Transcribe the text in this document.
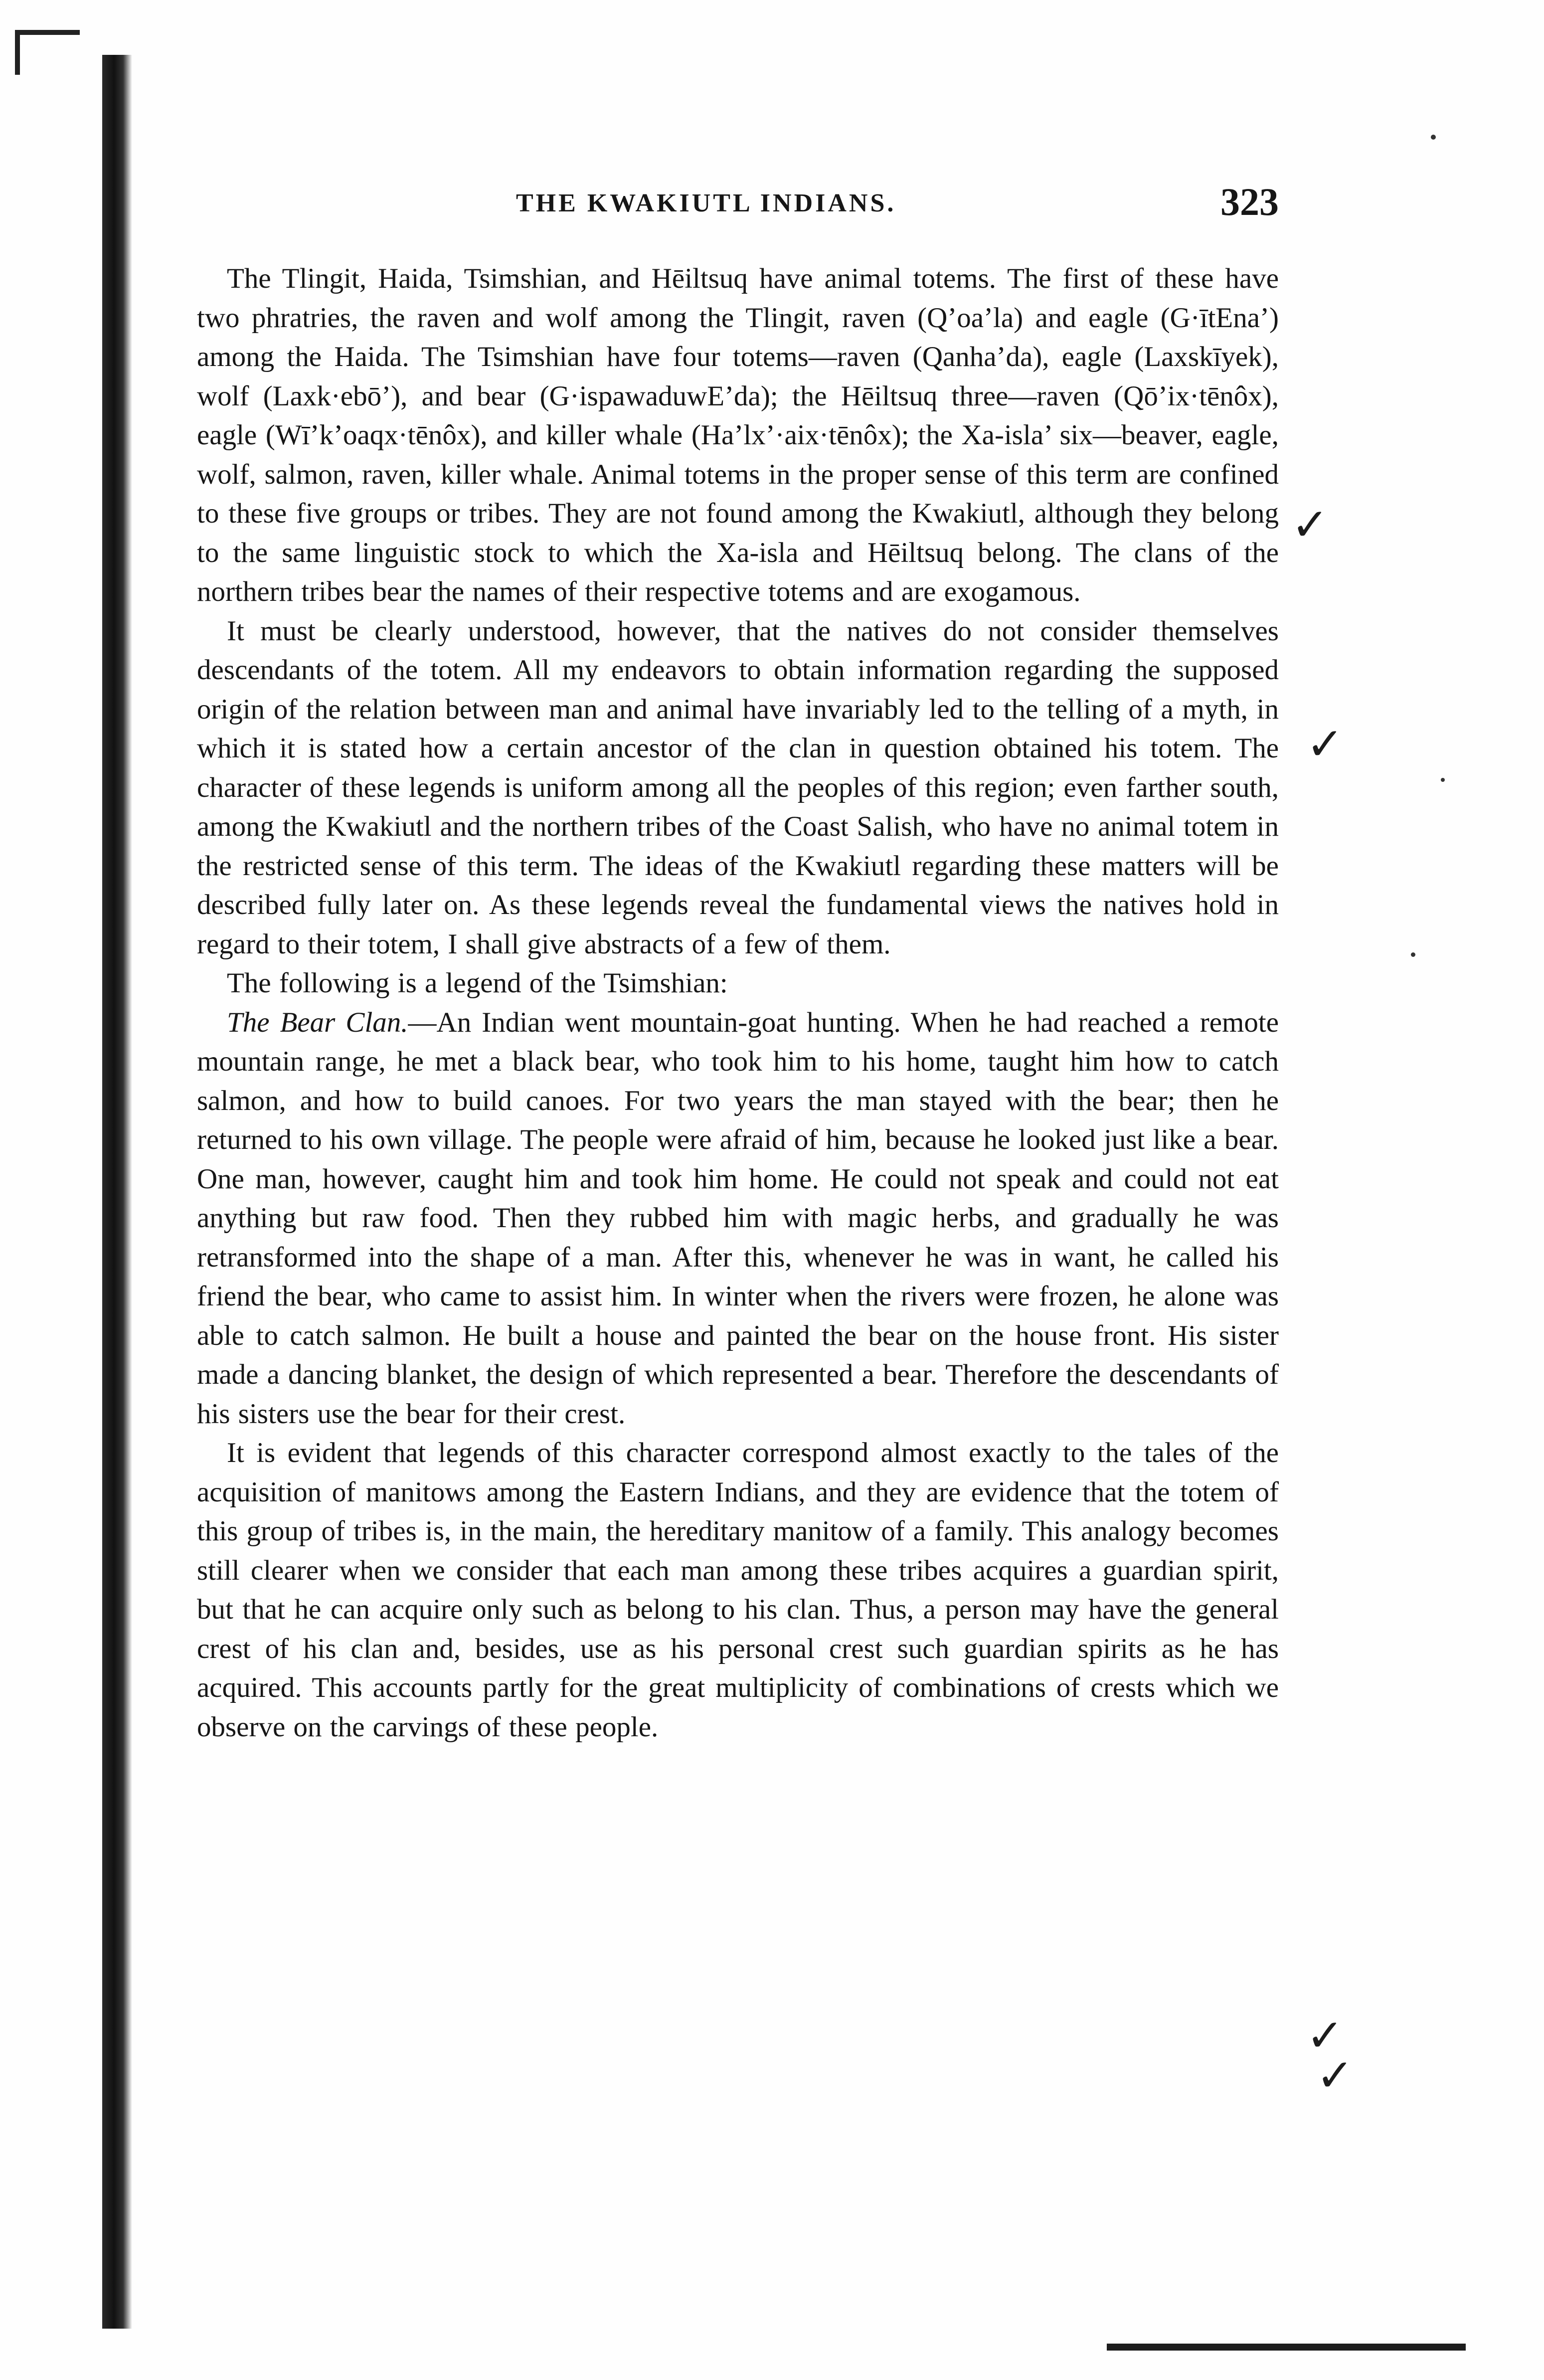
THE KWAKIUTL INDIANS.	323

The Tlingit, Haida, Tsimshian, and Hēiltsuq have animal totems. The first of these have two phratries, the raven and wolf among the Tlingit, raven (Q’oa’la) and eagle (G·ītEna’) among the Haida. The Tsimshian have four totems—raven (Qanha’da), eagle (Laxskīyek), wolf (Laxk·ebō’), and bear (G·ispawaduwE’da); the Hēiltsuq three—raven (Qō’ix·tēnôx), eagle (Wī’k’oaqx·tēnôx), and killer whale (Ha’lx’·aix·tēnôx); the Xa-isla’ six—beaver, eagle, wolf, salmon, raven, killer whale. Animal totems in the proper sense of this term are confined to these five groups or tribes. They are not found among the Kwakiutl, although they belong to the same linguistic stock to which the Xa-isla and Hēiltsuq belong. The clans of the northern tribes bear the names of their respective totems and are exogamous.

It must be clearly understood, however, that the natives do not consider themselves descendants of the totem. All my endeavors to obtain information regarding the supposed origin of the relation between man and animal have invariably led to the telling of a myth, in which it is stated how a certain ancestor of the clan in question obtained his totem. The character of these legends is uniform among all the peoples of this region; even farther south, among the Kwakiutl and the northern tribes of the Coast Salish, who have no animal totem in the restricted sense of this term. The ideas of the Kwakiutl regarding these matters will be described fully later on. As these legends reveal the fundamental views the natives hold in regard to their totem, I shall give abstracts of a few of them.

The following is a legend of the Tsimshian:

The Bear Clan.—An Indian went mountain-goat hunting. When he had reached a remote mountain range, he met a black bear, who took him to his home, taught him how to catch salmon, and how to build canoes. For two years the man stayed with the bear; then he returned to his own village. The people were afraid of him, because he looked just like a bear. One man, however, caught him and took him home. He could not speak and could not eat anything but raw food. Then they rubbed him with magic herbs, and gradually he was retransformed into the shape of a man. After this, whenever he was in want, he called his friend the bear, who came to assist him. In winter when the rivers were frozen, he alone was able to catch salmon. He built a house and painted the bear on the house front. His sister made a dancing blanket, the design of which represented a bear. Therefore the descendants of his sisters use the bear for their crest.

It is evident that legends of this character correspond almost exactly to the tales of the acquisition of manitows among the Eastern Indians, and they are evidence that the totem of this group of tribes is, in the main, the hereditary manitow of a family. This analogy becomes still clearer when we consider that each man among these tribes acquires a guardian spirit, but that he can acquire only such as belong to his clan. Thus, a person may have the general crest of his clan and, besides, use as his personal crest such guardian spirits as he has acquired. This accounts partly for the great multiplicity of combinations of crests which we observe on the carvings of these people.

✓
✓
✓
✓
